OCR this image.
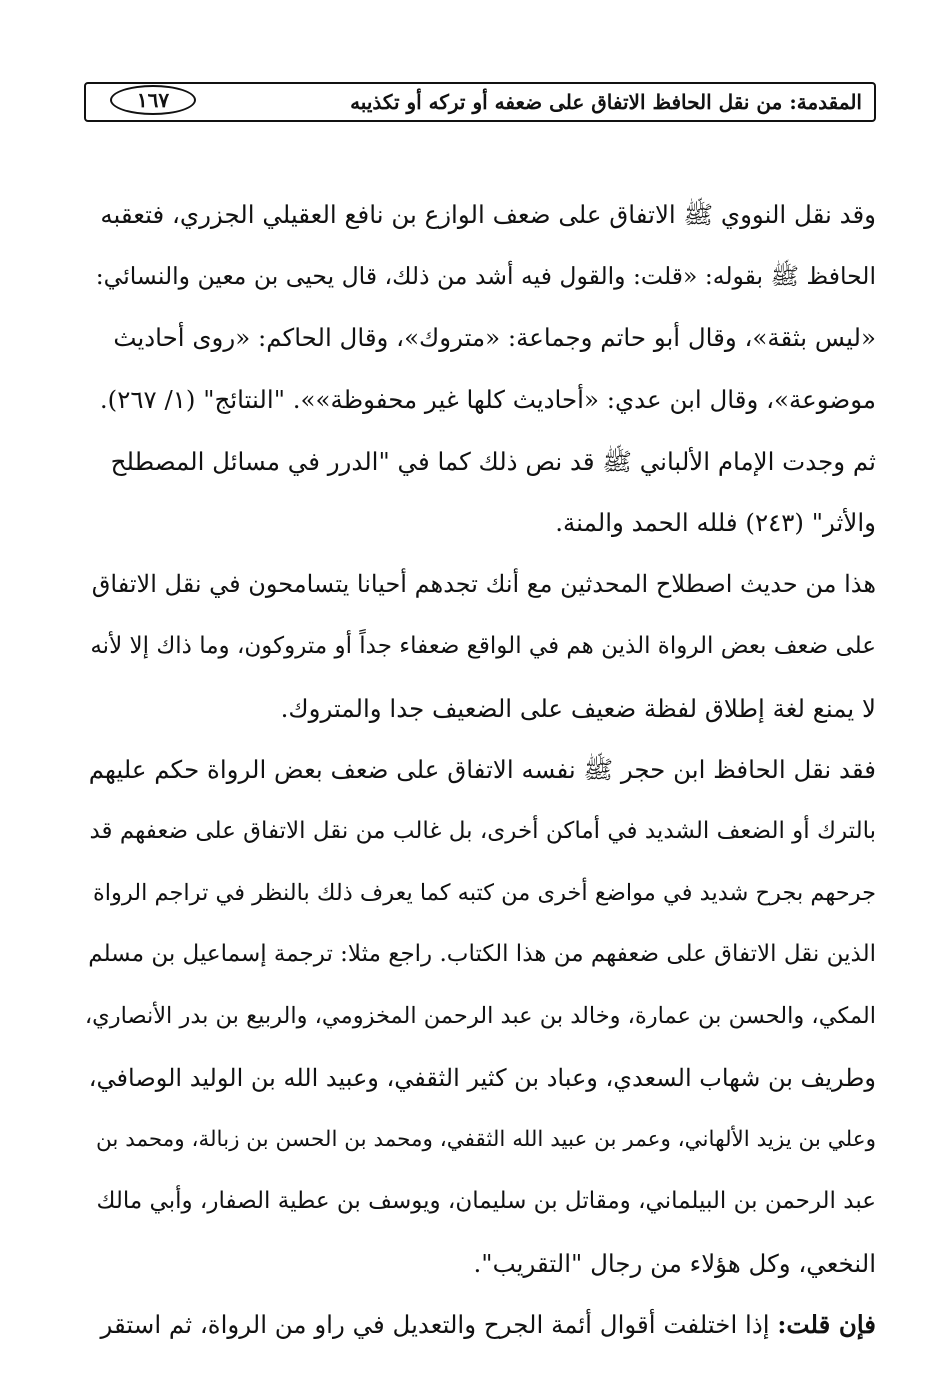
المقدمة: من نقل الحافظ الاتفاق على ضعفه أو تركه أو تكذيبه
١٦٧
وقد نقل النووي ﷺ الاتفاق على ضعف الوازع بن نافع العقيلي الجزري، فتعقبه
الحافظ ﷺ بقوله: «قلت: والقول فيه أشد من ذلك، قال يحيى بن معين والنسائي:
«ليس بثقة»، وقال أبو حاتم وجماعة: «متروك»، وقال الحاكم: «روى أحاديث
موضوعة»، وقال ابن عدي: «أحاديث كلها غير محفوظة»». "النتائج" (١/ ٢٦٧).
ثم وجدت الإمام الألباني ﷺ قد نص ذلك كما في "الدرر في مسائل المصطلح
والأثر" (٢٤٣) فلله الحمد والمنة.
هذا من حديث اصطلاح المحدثين مع أنك تجدهم أحيانا يتسامحون في نقل الاتفاق
على ضعف بعض الرواة الذين هم في الواقع ضعفاء جداً أو متروكون، وما ذاك إلا لأنه
لا يمنع لغة إطلاق لفظة ضعيف على الضعيف جدا والمتروك.
فقد نقل الحافظ ابن حجر ﷺ نفسه الاتفاق على ضعف بعض الرواة حكم عليهم
بالترك أو الضعف الشديد في أماكن أخرى، بل غالب من نقل الاتفاق على ضعفهم قد
جرحهم بجرح شديد في مواضع أخرى من كتبه كما يعرف ذلك بالنظر في تراجم الرواة
الذين نقل الاتفاق على ضعفهم من هذا الكتاب. راجع مثلا: ترجمة إسماعيل بن مسلم
المكي، والحسن بن عمارة، وخالد بن عبد الرحمن المخزومي، والربيع بن بدر الأنصاري،
وطريف بن شهاب السعدي، وعباد بن كثير الثقفي، وعبيد الله بن الوليد الوصافي،
وعلي بن يزيد الألهاني، وعمر بن عبيد الله الثقفي، ومحمد بن الحسن بن زبالة، ومحمد بن
عبد الرحمن بن البيلماني، ومقاتل بن سليمان، ويوسف بن عطية الصفار، وأبي مالك
النخعي، وكل هؤلاء من رجال "التقريب".
فإن قلت: إذا اختلفت أقوال أئمة الجرح والتعديل في راو من الرواة، ثم استقر
